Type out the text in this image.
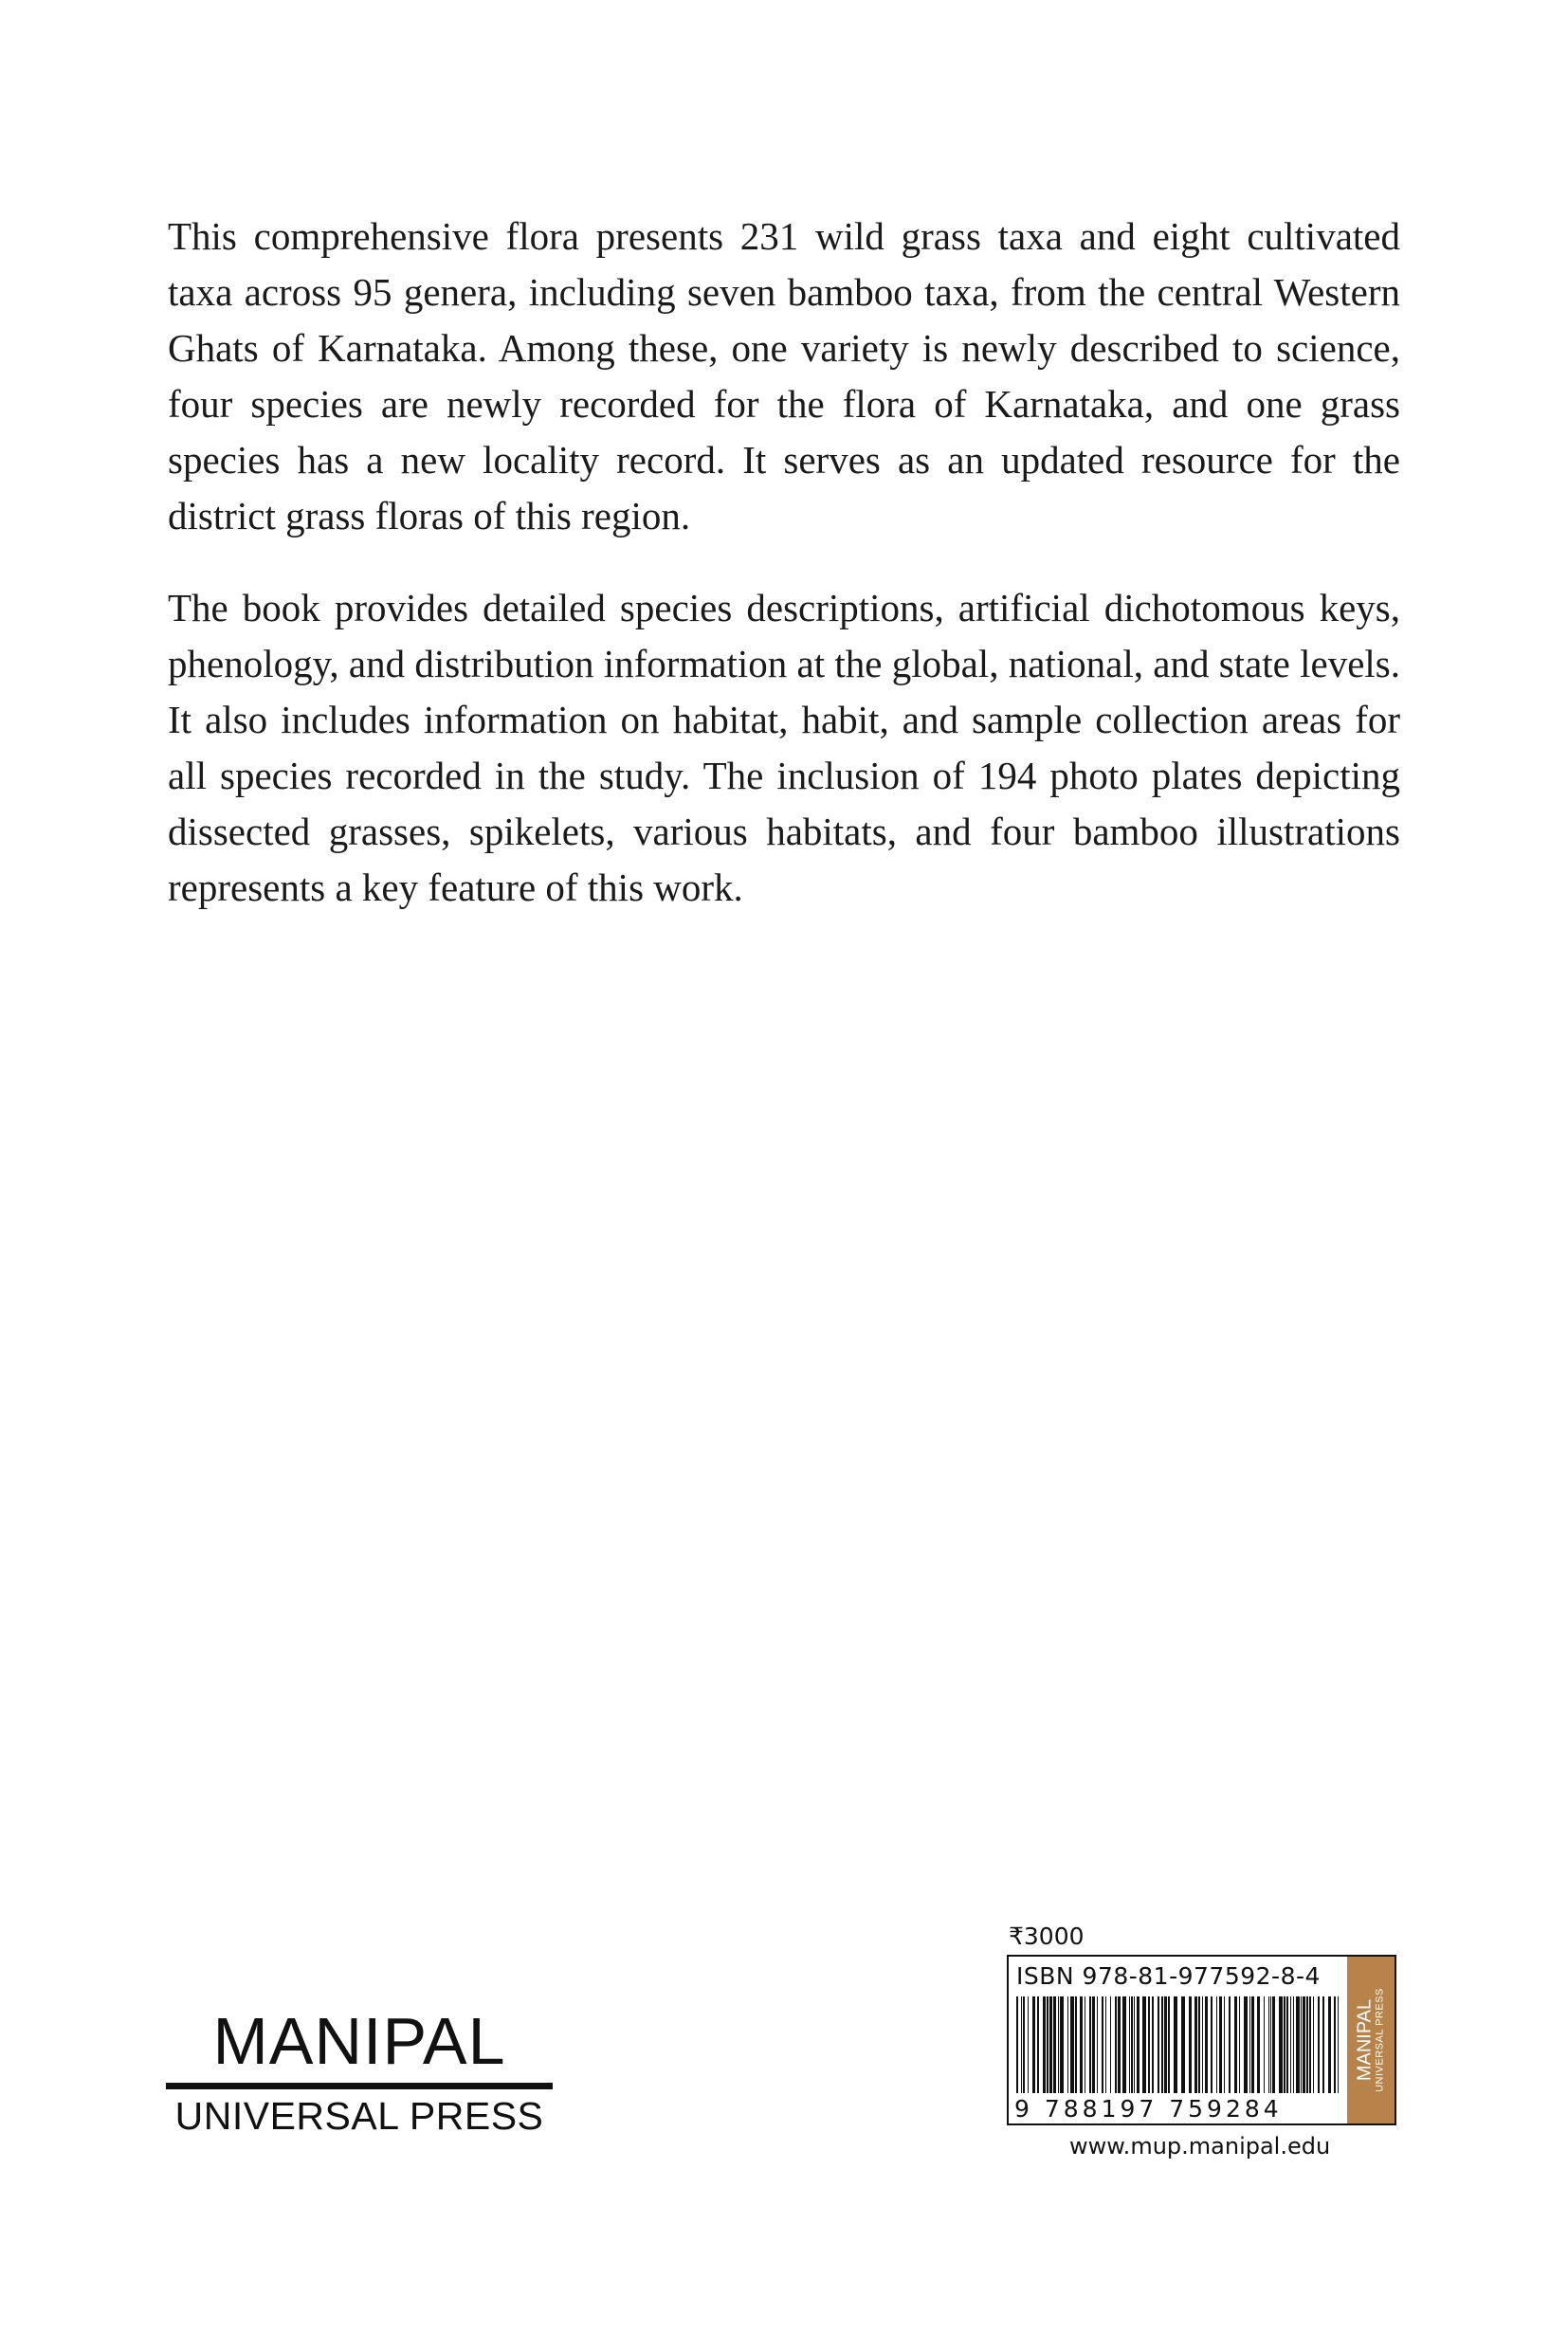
This comprehensive flora presents 231 wild grass taxa and eight cultivated taxa across 95 genera, including seven bamboo taxa, from the central Western Ghats of Karnataka. Among these, one variety is newly described to science, four species are newly recorded for the flora of Karnataka, and one grass species has a new locality record. It serves as an updated resource for the district grass floras of this region.

The book provides detailed species descriptions, artificial dichotomous keys, phenology, and distribution information at the global, national, and state levels. It also includes information on habitat, habit, and sample collection areas for all species recorded in the study. The inclusion of 194 photo plates depicting dissected grasses, spikelets, various habitats, and four bamboo illustrations represents a key feature of this work.

MANIPAL
UNIVERSAL PRESS
₹3000
ISBN 978-81-977592-8-4
9 788197 759284
MANIPAL UNIVERSAL PRESS
www.mup.manipal.edu
